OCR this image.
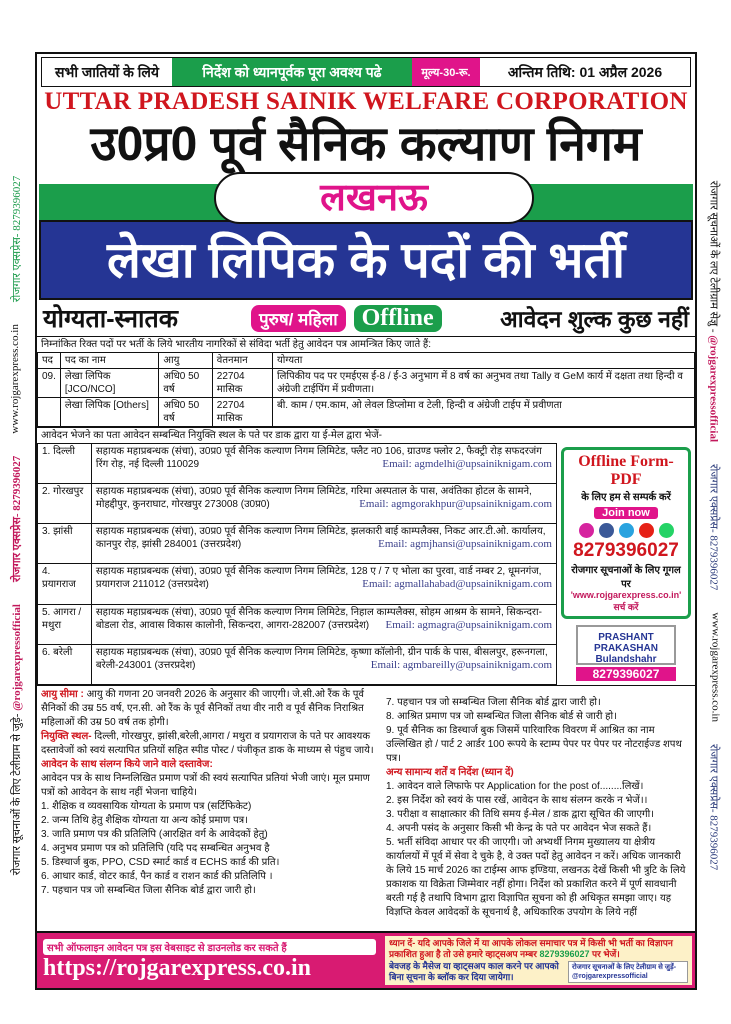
रोजगार सूचनाओं के लिए टेलीग्राम से जुड़े- @rojgarexpressofficial
रोजगार एक्सप्रेस- 8279396027
www.rojgarexpress.co.in
रोजगार एक्सप्रेस- 8279396027	रोजगार सूचनाओं के लए टेलीग्राम सेज्ञु - @rojgarexpressofficial
रोजगार एक्सप्रेस- 8279396027
www.rojgarexpress.co.in
रोजगार एक्सप्रेस- 8279396027
सभी जातियों के लिये	निर्देश को ध्यानपूर्वक पूरा अवश्य पढे	मूल्य-30-रू.	अन्तिम तिथि: 01 अप्रैल 2026
UTTAR PRADESH SAINIK WELFARE CORPORATION
उ0प्र0 पूर्व सैनिक कल्याण निगम
लखनऊ
लेखा लिपिक के पदों की भर्ती
योग्यता-स्नातक	पुरुष/ महिला	Offline	आवेदन शुल्क कुछ नहीं
निम्नांकित रिक्त पदों पर भर्ती के लिये भारतीय नागरिकों से संविदा भर्ती हेतु आवेदन पत्र आमन्त्रित किए जाते हैं:
पद	पद का नाम	आयु	वेतनमान	योग्यता
09.	लेखा लिपिक [JCO/NCO]	अधि0 50 वर्ष	22704 मासिक	लिपिकीय पद पर एमईएस ई-8 / ई-3 अनुभाग में 8 वर्ष का अनुभव तथा Tally व GeM कार्य में दक्षता तथा हिन्दी व अंग्रेजी टाईपिंग में प्रवीणता।
	लेखा लिपिक [Others]	अधि0 50 वर्ष	22704 मासिक	बी. काम / एम.काम, ओ लेवल डिप्लोमा व टेली, हिन्दी व अंग्रेजी टाईप में प्रवीणता
आवेदन भेजने का पता आवेदन सम्बन्धित नियुक्ति स्थल के पते पर डाक द्वारा या ई-मेल द्वारा भेजें-
1. दिल्ली	सहायक महाप्रबन्धक (संचा), उ0प्र0 पूर्व सैनिक कल्याण निगम लिमिटेड, फ्लैट न0 106, ग्राउण्ड फ्लोर 2, फैक्ट्री रोड़ सफदरजंग रिंग रोड़, नई दिल्ली 110029 Email: agmdelhi@upsainiknigam.com

2. गोरखपुर	सहायक महाप्रबन्धक (संचा), उ0प्र0 पूर्व सैनिक कल्याण निगम लिमिटेड, गरिमा अस्पताल के पास, अवंतिका होटल के सामने, मोहद्दीपुर, कुनराघाट, गोरखपुर 273008 (उ0प्र0) Email: agmgorakhpur@upsainiknigam.com

3. झांसी	सहायक महाप्रबन्धक (संचा), उ0प्र0 पूर्व सैनिक कल्याण निगम लिमिटेड, झलकारी बाई काम्पलैक्स, निकट आर.टी.ओ. कार्यालय, कानपुर रोड़, झांसी 284001 (उत्तरप्रदेश) Email: agmjhansi@upsainiknigam.com

4. प्रयागराज	सहायक महाप्रबन्धक (संचा), उ0प्र0 पूर्व सैनिक कल्याण निगम लिमिटेड, 128 ए / 7 ए भोला का पुरवा, वार्ड नम्बर 2, धूमनगंज, प्रयागराज 211012 (उत्तरप्रदेश) Email: agmallahabad@upsainiknigam.com

5. आगरा / मथुरा	सहायक महाप्रबन्धक (संचा), उ0प्र0 पूर्व सैनिक कल्याण निगम लिमिटेड, निहाल काम्पलैक्स, सोहम आश्रम के सामने, सिकन्दरा-बोडला रोड, आवास विकास कालोनी, सिकन्दरा, आगरा-282007 (उत्तरप्रदेश) Email: agmagra@upsainiknigam.com

6. बरेली	सहायक महाप्रबन्धक (संचा), उ0प्र0 पूर्व सैनिक कल्याण निगम लिमिटेड, कृष्णा कॉलोनी, ग्रीन पार्क के पास, बीसलपुर, हरूनगला, बरेली-243001 (उत्तरप्रदेश) Email: agmbareilly@upsainiknigam.com
Offline Form-PDF
के लिए हम से सम्पर्क करें
Join now
8279396027
रोजगार सूचनाओं के लिए गूगल पर
'www.rojgarexpress.co.in' सर्च करें
PRASHANT PRAKASHAN Bulandshahr
8279396027

आयु सीमा : आयु की गणना 20 जनवरी 2026 के अनुसार की जाएगी। जे.सी.ओ रैंक के पूर्व सैनिकों की उम्र 55 वर्ष, एन.सी. ओ रैंक के पूर्व सैनिकों तथा वीर नारी व पूर्व सैनिक निराश्रित महिलाओं की उम्र 50 वर्ष तक होगी।

नियुक्ति स्थल- दिल्ली, गोरखपुर, झांसी,बरेली,आगरा / मथुरा व प्रयागराज के पते पर आवश्यक दस्तावेजों को स्वयं सत्यापित प्रतियों सहित स्पीड पोस्ट / पंजीकृत डाक के माध्यम से पंहुच जाये।

आवेदन के साथ संलग्न किये जाने वाले दस्तावेज:

आवेदन पत्र के साथ निम्नलिखित प्रमाण पत्रों की स्वयं सत्यापित प्रतियां भेजी जाएं। मूल प्रमाण पत्रों को आवेदन के साथ नहीं भेजना चाहिये।

1. शैक्षिक व व्यवसायिक योग्यता के प्रमाण पत्र (सर्टिफिकेट)
2. जन्म तिथि हेतु शैक्षिक योग्यता या अन्य कोई प्रमाण पत्र।
3. जाति प्रमाण पत्र की प्रतिलिपि (आरक्षित वर्ग के आवेदकों हेतु)
4. अनुभव प्रमाण पत्र को प्रतिलिपि (यदि पद सम्बन्धित अनुभव है
5. डिस्चार्ज बुक, PPO, CSD स्मार्ट कार्ड व ECHS कार्ड की प्रति।
6. आधार कार्ड, वोटर कार्ड, पैन कार्ड व राशन कार्ड की प्रतिलिपि ।
7. पहचान पत्र जो सम्बन्धित जिला सैनिक बोर्ड द्वारा जारी हो।
7. पहचान पत्र जो सम्बन्धित जिला सैनिक बोर्ड द्वारा जारी हो।
8. आश्रित प्रमाण पत्र जो सम्बन्धित जिला सैनिक बोर्ड से जारी हो।
9. पूर्व सैनिक का डिस्चार्ज बुक जिसमें पारिवारिक विवरण में आश्रित का नाम उल्लिखित हो / पार्ट 2 आर्डर 100 रूपये के स्टाम्प पेपर पर पेपर पर नोटराईज्ड शपथ पत्र।

अन्य सामान्य शर्तें व निर्देश (ध्यान दें)

1. आवेदन वाले लिफाफे पर Application for the post of........लिखें।
2. इस निर्देश को स्वयं के पास रखें, आवेदन के साथ संलग्न करके न भेजें।।
3. परीक्षा व साक्षात्कार की तिथि समय ई-मेल / डाक द्वारा सूचित की जाएगी।
4. अपनी पसंद के अनुसार किसी भी केन्द्र के पते पर आवेदन भेज सकते हैं।
5. भर्ती संविदा आधार पर की जाएगी। जो अभ्यर्थी निगम मुख्यालय या क्षेत्रीय कार्यालयों में पूर्व में सेवा दे चुके है, वे उक्त पदों हेतु आवेदन न करें। अधिक जानकारी के लिये 15 मार्च 2026 का टाईम्स आफ इण्डिया, लखनऊ देखें किसी भी त्रुटि के लिये प्रकाशक या विक्रेता जिम्मेवार नहीं होगा। निर्देश को प्रकाशित करने में पूर्ण सावधानी बरती गई है तथापि विभाग द्वारा विज्ञापित सूचना को ही अधिकृत समझा जाए। यह विज्ञप्ति केवल आवेदकों के सूचनार्थ है, अधिकारिक उपयोग के लिये नहीं
सभी ऑफलाइन आवेदन पत्र इस वेबसाइट से डाउनलोड कर सकते हैं
https://rojgarexpress.co.in
ध्यान दें- यदि आपके जिले में या आपके लोकल समाचार पत्र में किसी भी भर्ती का विज्ञापन प्रकाशित हुआ है तो उसे हमारे व्हाट्सअप नम्बर 8279396027 पर भेजें।
बेवजह के मैसेज या व्हाट्सअप काल करने पर आपको बिना सूचना के ब्लॉक कर दिया जायेगा।
रोजगार सूचनाओं के लिए टेलीग्राम से जुड़ें- @rojgarexpressofficial
